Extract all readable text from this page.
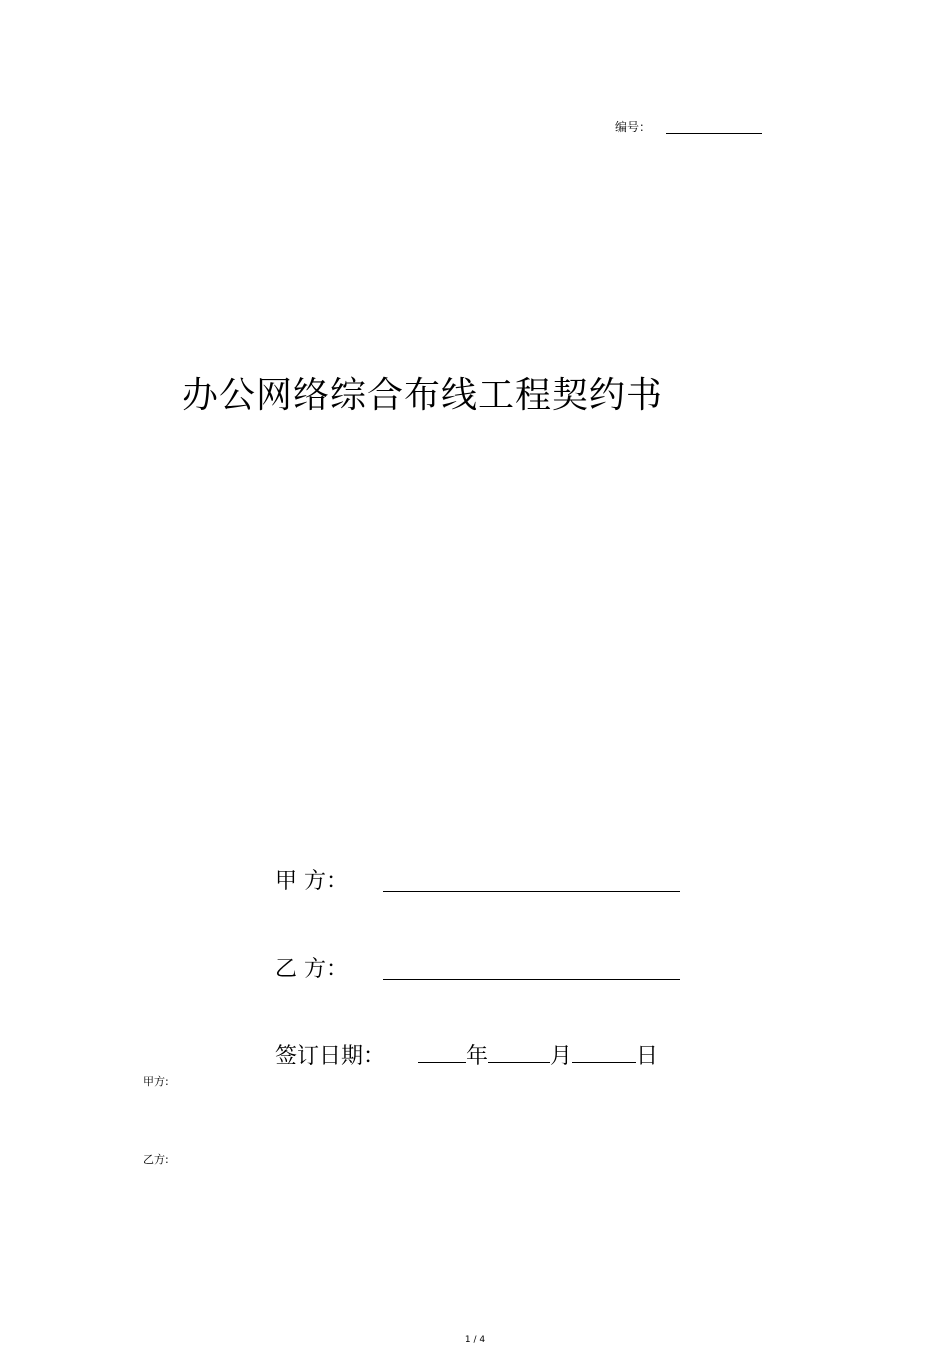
编号：
办公网络综合布线工程契约书
甲 方：
乙 方：
签订日期：	年	月	日
甲方:
乙方:
1 / 4
